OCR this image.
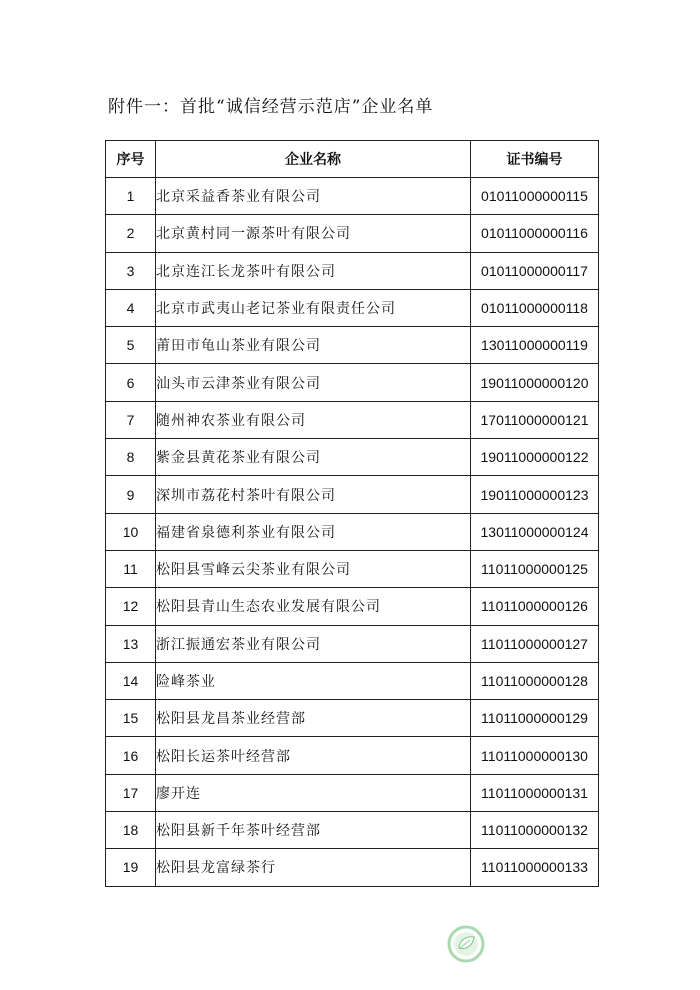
附件一：首批“诚信经营示范店”企业名单
序号	企业名称	证书编号
1	北京采益香茶业有限公司	01011000000115
2	北京黄村同一源茶叶有限公司	01011000000116
3	北京连江长龙茶叶有限公司	01011000000117
4	北京市武夷山老记茶业有限责任公司	01011000000118
5	莆田市龟山茶业有限公司	13011000000119
6	汕头市云津茶业有限公司	19011000000120
7	随州神农茶业有限公司	17011000000121
8	紫金县黄花茶业有限公司	19011000000122
9	深圳市荔花村茶叶有限公司	19011000000123
10	福建省泉德利茶业有限公司	13011000000124
11	松阳县雪峰云尖茶业有限公司	11011000000125
12	松阳县青山生态农业发展有限公司	11011000000126
13	浙江振通宏茶业有限公司	11011000000127
14	险峰茶业	11011000000128
15	松阳县龙昌茶业经营部	11011000000129
16	松阳长运茶叶经营部	11011000000130
17	廖开连	11011000000131
18	松阳县新千年茶叶经营部	11011000000132
19	松阳县龙富绿茶行	11011000000133
